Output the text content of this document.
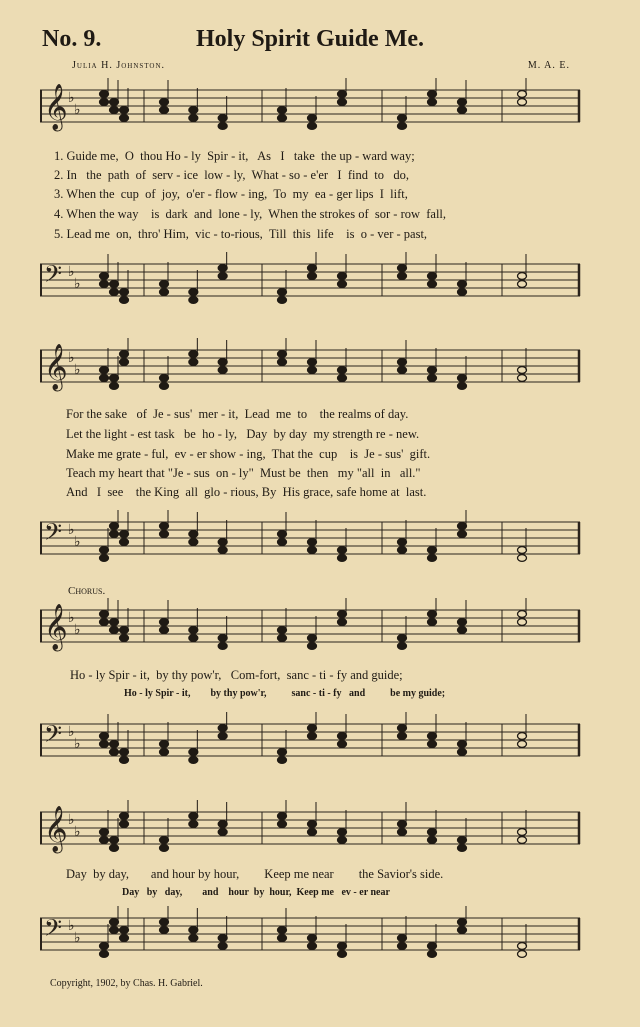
No. 9.	Holy Spirit Guide Me.
Julia H. Johnston.	M. A. E.
𝄞 ♭
♭
1. Guide me,  O  thou Ho - ly  Spir - it,   As   I   take  the up - ward way;
2. In   the  path  of  serv - ice  low - ly,  What - so - e'er   I  find  to   do,
3. When the  cup  of  joy,  o'er - flow - ing,  To  my  ea - ger lips  I  lift,
4. When the way    is  dark  and  lone - ly,  When the strokes of  sor - row  fall,
5. Lead me  on,  thro' Him,  vic - to-rious,  Till  this  life    is  o - ver - past,
𝄢 ♭
♭
𝄞 ♭
♭
For the sake   of  Je - sus'  mer - it,  Lead  me  to    the realms of day.
Let the light - est task   be  ho - ly,   Day  by day  my strength re - new.
Make me grate - ful,  ev - er show - ing,  That the  cup    is  Je - sus'  gift.
Teach my heart that "Je - sus  on - ly"  Must be  then   my "all  in   all."
And   I  see    the King  all  glo - rious, By  His grace, safe home at  last.
𝄢 ♭
♭
Chorus.
𝄞 ♭
♭
Ho - ly Spir - it,  by thy pow'r,   Com-fort,  sanc - ti - fy and guide;
Ho - ly Spir - it,        by thy pow'r,          sanc - ti - fy   and          be my guide;
𝄢 ♭
♭
𝄞 ♭
♭
Day  by day,       and hour by hour,        Keep me near        the Savior's side.
Day   by   day,        and    hour  by  hour,  Keep me   ev - er near
𝄢 ♭
♭
Copyright, 1902, by Chas. H. Gabriel.
